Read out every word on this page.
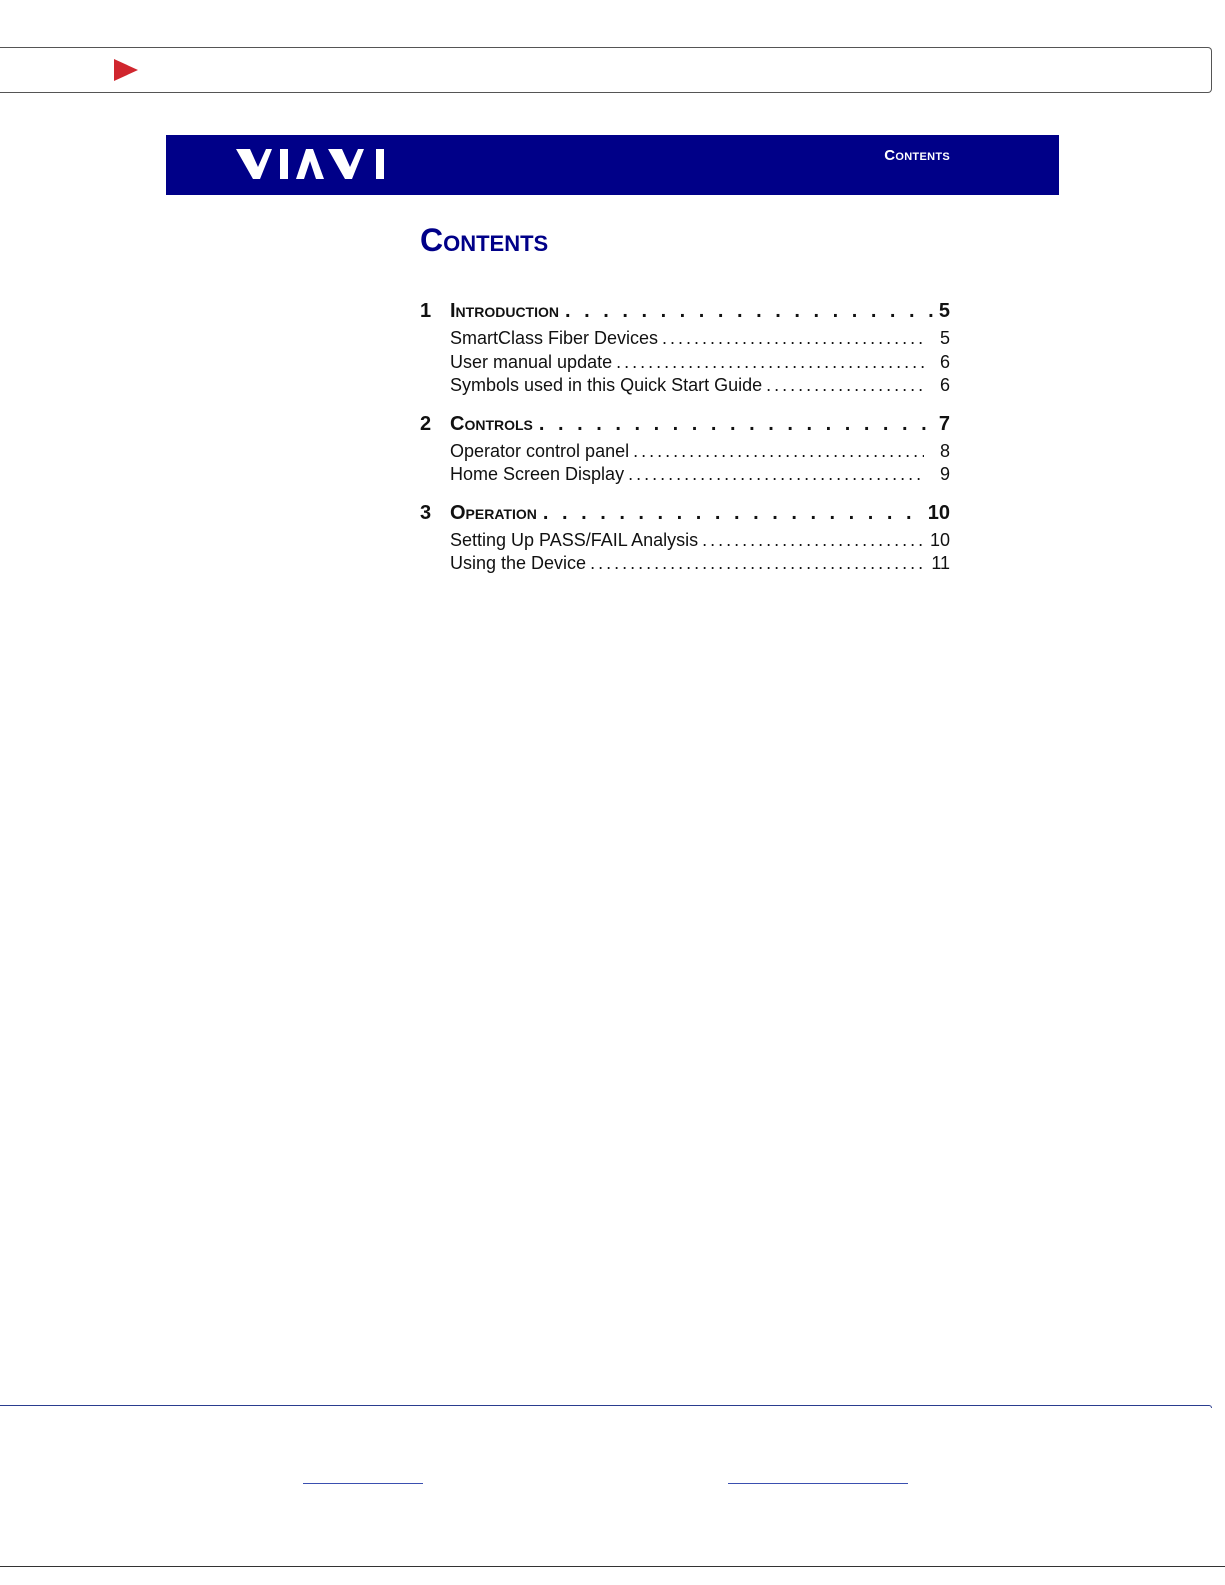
Contents
Contents
1 Introduction . . .	5
SmartClass Fiber Devices .....	5
User manual update .....	6
Symbols used in this Quick Start Guide .....	6
2 Controls . . .	7
Operator control panel .....	8
Home Screen Display .....	9
3 Operation . . .	10
Setting Up PASS/FAIL Analysis .....	10
Using the Device .....	11
